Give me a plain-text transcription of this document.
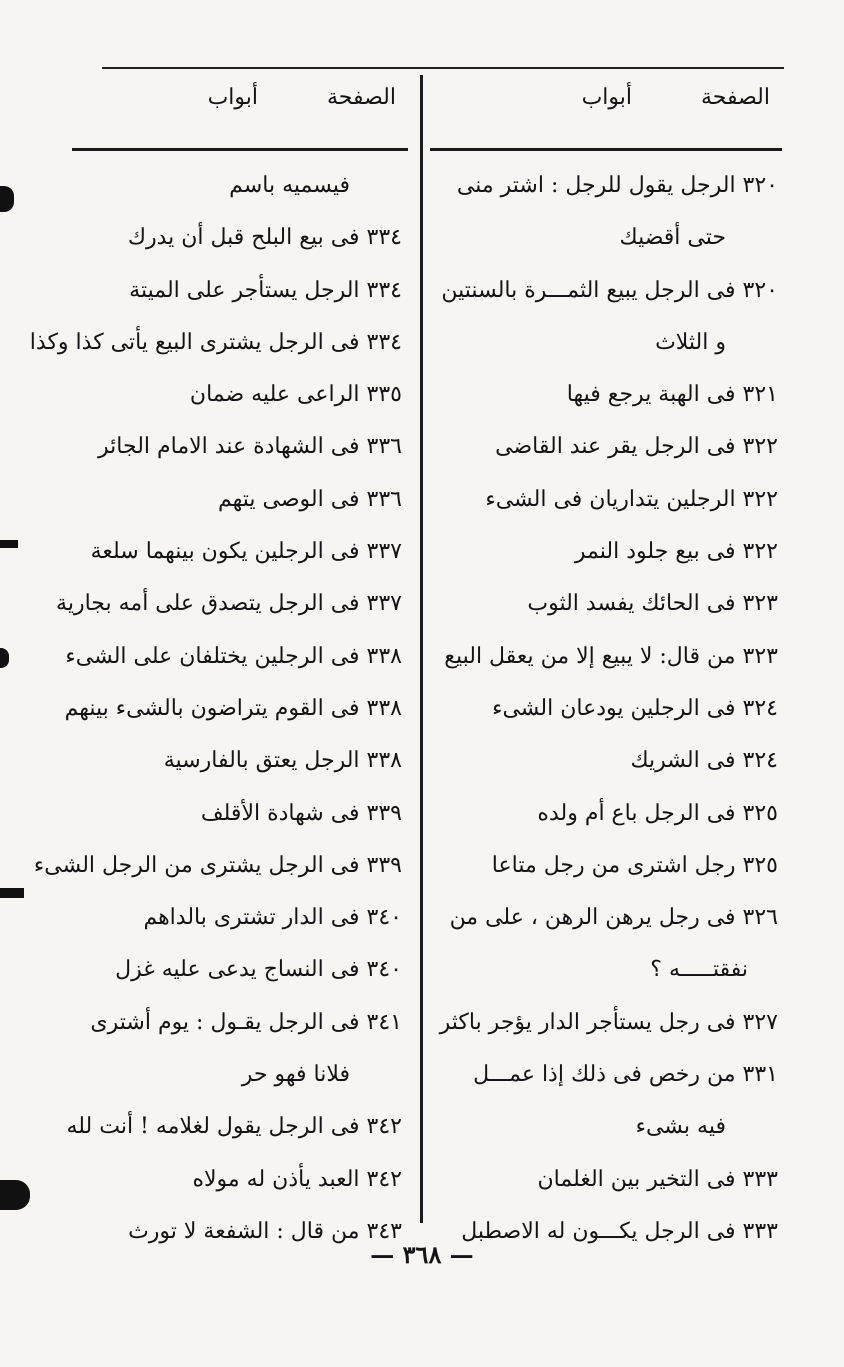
الصفحة
أبواب
الصفحة
أبواب
٣٢٠ الرجل يقول للرجل : اشتر منى
حتى أقضيك
٣٢٠ فى الرجل يبيع الثمـــرة بالسنتين
و الثلاث
٣٢١ فى الهبة يرجع فيها
٣٢٢ فى الرجل يقر عند القاضى
٣٢٢ الرجلين يتداريان فى الشىء
٣٢٢ فى بيع جلود النمر
٣٢٣ فى الحائك يفسد الثوب
٣٢٣ من قال: لا يبيع إلا من يعقل البيع
٣٢٤ فى الرجلين يودعان الشىء
٣٢٤ فى الشريك
٣٢٥ فى الرجل باع أم ولده
٣٢٥ رجل اشترى من رجل متاعا
٣٢٦ فى رجل يرهن الرهن ، على من
نفقتـــــه ؟
٣٢٧ فى رجل يستأجر الدار يؤجر باكثر
٣٣١ من رخص فى ذلك إذا عمـــل
فيه بشىء
٣٣٣ فى التخير بين الغلمان
٣٣٣ فى الرجل يكـــون له الاصطبل
فيسميه باسم
٣٣٤ فى بيع البلح قبل أن يدرك
٣٣٤ الرجل يستأجر على الميتة
٣٣٤ فى الرجل يشترى البيع يأتى كذا وكذا
٣٣٥ الراعى عليه ضمان
٣٣٦ فى الشهادة عند الامام الجائر
٣٣٦ فى الوصى يتهم
٣٣٧ فى الرجلين يكون بينهما سلعة
٣٣٧ فى الرجل يتصدق على أمه بجارية
٣٣٨ فى الرجلين يختلفان على الشىء
٣٣٨ فى القوم يتراضون بالشىء بينهم
٣٣٨ الرجل يعتق بالفارسية
٣٣٩ فى شهادة الأقلف
٣٣٩ فى الرجل يشترى من الرجل الشىء
٣٤٠ فى الدار تشترى بالداهم
٣٤٠ فى النساج يدعى عليه غزل
٣٤١ فى الرجل يقـول : يوم أشترى
فلانا فهو حر
٣٤٢ فى الرجل يقول لغلامه ! أنت لله
٣٤٢ العبد يأذن له مولاه
٣٤٣ من قال : الشفعة لا تورث
— ٣٦٨ —
